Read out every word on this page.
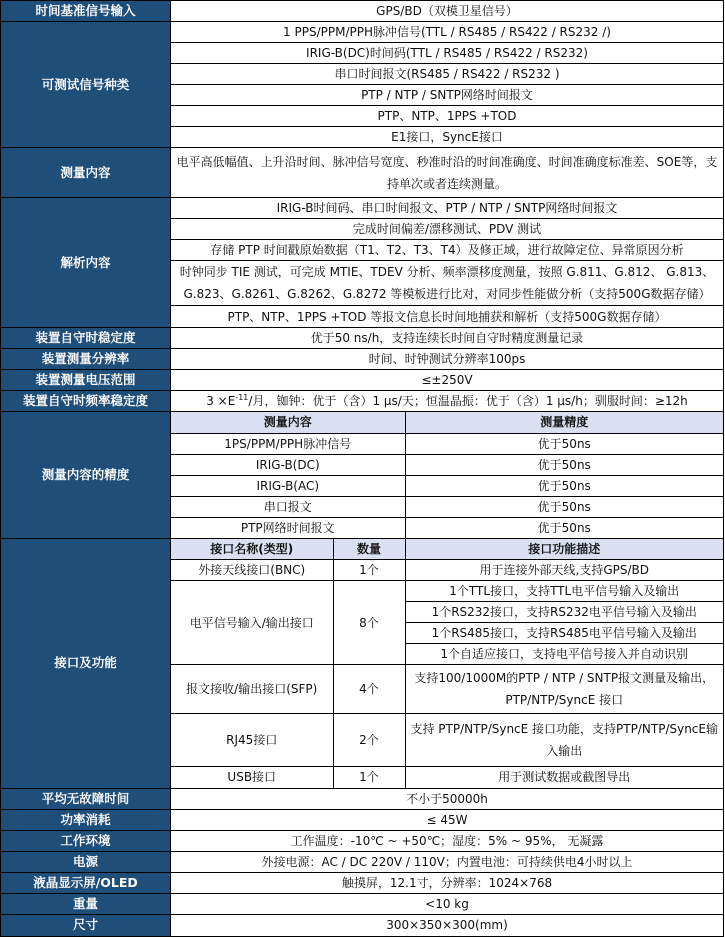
时间基准信号输入	GPS/BD（双模卫星信号）
可测试信号种类	1 PPS/PPM/PPH脉冲信号(TTL / RS485 / RS422 / RS232 /)
IRIG-B(DC)时间码(TTL / RS485 / RS422 / RS232)
串口时间报文(RS485 / RS422 / RS232 )
PTP / NTP / SNTP网络时间报文
PTP、NTP、1PPS +TOD
E1接口，SyncE接口
测量内容	电平高低幅值、上升沿时间、脉冲信号宽度、秒准时沿的时间准确度、时间准确度标准差、SOE等，支持单次或者连续测量。
解析内容	IRIG-B时间码、串口时间报文、PTP / NTP / SNTP网络时间报文
完成时间偏差/漂移测试、PDV 测试
存储 PTP 时间戳原始数据（T1、T2、T3、T4）及修正域，进行故障定位、异常原因分析
时钟同步 TIE 测试，可完成 MTIE、TDEV 分析、频率漂移度测量，按照 G.811、G.812、 G.813、G.823、G.8261、G.8262、G.8272 等模板进行比对，对同步性能做分析（支持500G数据存储）
PTP、NTP、1PPS +TOD 等报文信息长时间地捕获和解析（支持500G数据存储）
装置自守时稳定度	优于50 ns/h，支持连续长时间自守时精度测量记录
装置测量分辨率	时间、时钟测试分辨率100ps
装置测量电压范围	≤±250V
装置自守时频率稳定度	$3 \times E^{-11}/$月，铷钟：优于（含）1 μs/天；恒温晶振：优于（含）1 μs/h；驯服时间：≥12h
测量内容的精度	
测量内容	测量精度
1PS/PPM/PPH脉冲信号	优于50ns
IRIG-B(DC)	优于50ns
IRIG-B(AC)	优于50ns
串口报文	优于50ns
PTP网络时间报文	优于50ns

接口及功能	
接口名称(类型)	数量	接口功能描述
外接天线接口(BNC)	1个	用于连接外部天线,支持GPS/BD
电平信号输入/输出接口	8个	1个TTL接口，支持TTL电平信号输入及输出
1个RS232接口，支持RS232电平信号输入及输出
1个RS485接口，支持RS485电平信号输入及输出
1个自适应接口，支持电平信号接入并自动识别
报文接收/输出接口(SFP)	4个	支持100/1000M的PTP / NTP / SNTP报文测量及输出，PTP/NTP/SyncE 接口
RJ45接口	2个	支持 PTP/NTP/SyncE 接口功能，支持PTP/NTP/SyncE输入输出
USB接口	1个	用于测试数据或截图导出

平均无故障时间	不小于50000h
功率消耗	≤ 45W
工作环境	工作温度：-10℃ ~ +50℃；湿度：5% ~ 95%， 无凝露
电源	外接电源：AC / DC 220V / 110V；内置电池：可持续供电4小时以上
液晶显示屏/OLED	触摸屏，12.1寸，分辨率：1024×768
重量	<10 kg
尺寸	300×350×300(mm)
